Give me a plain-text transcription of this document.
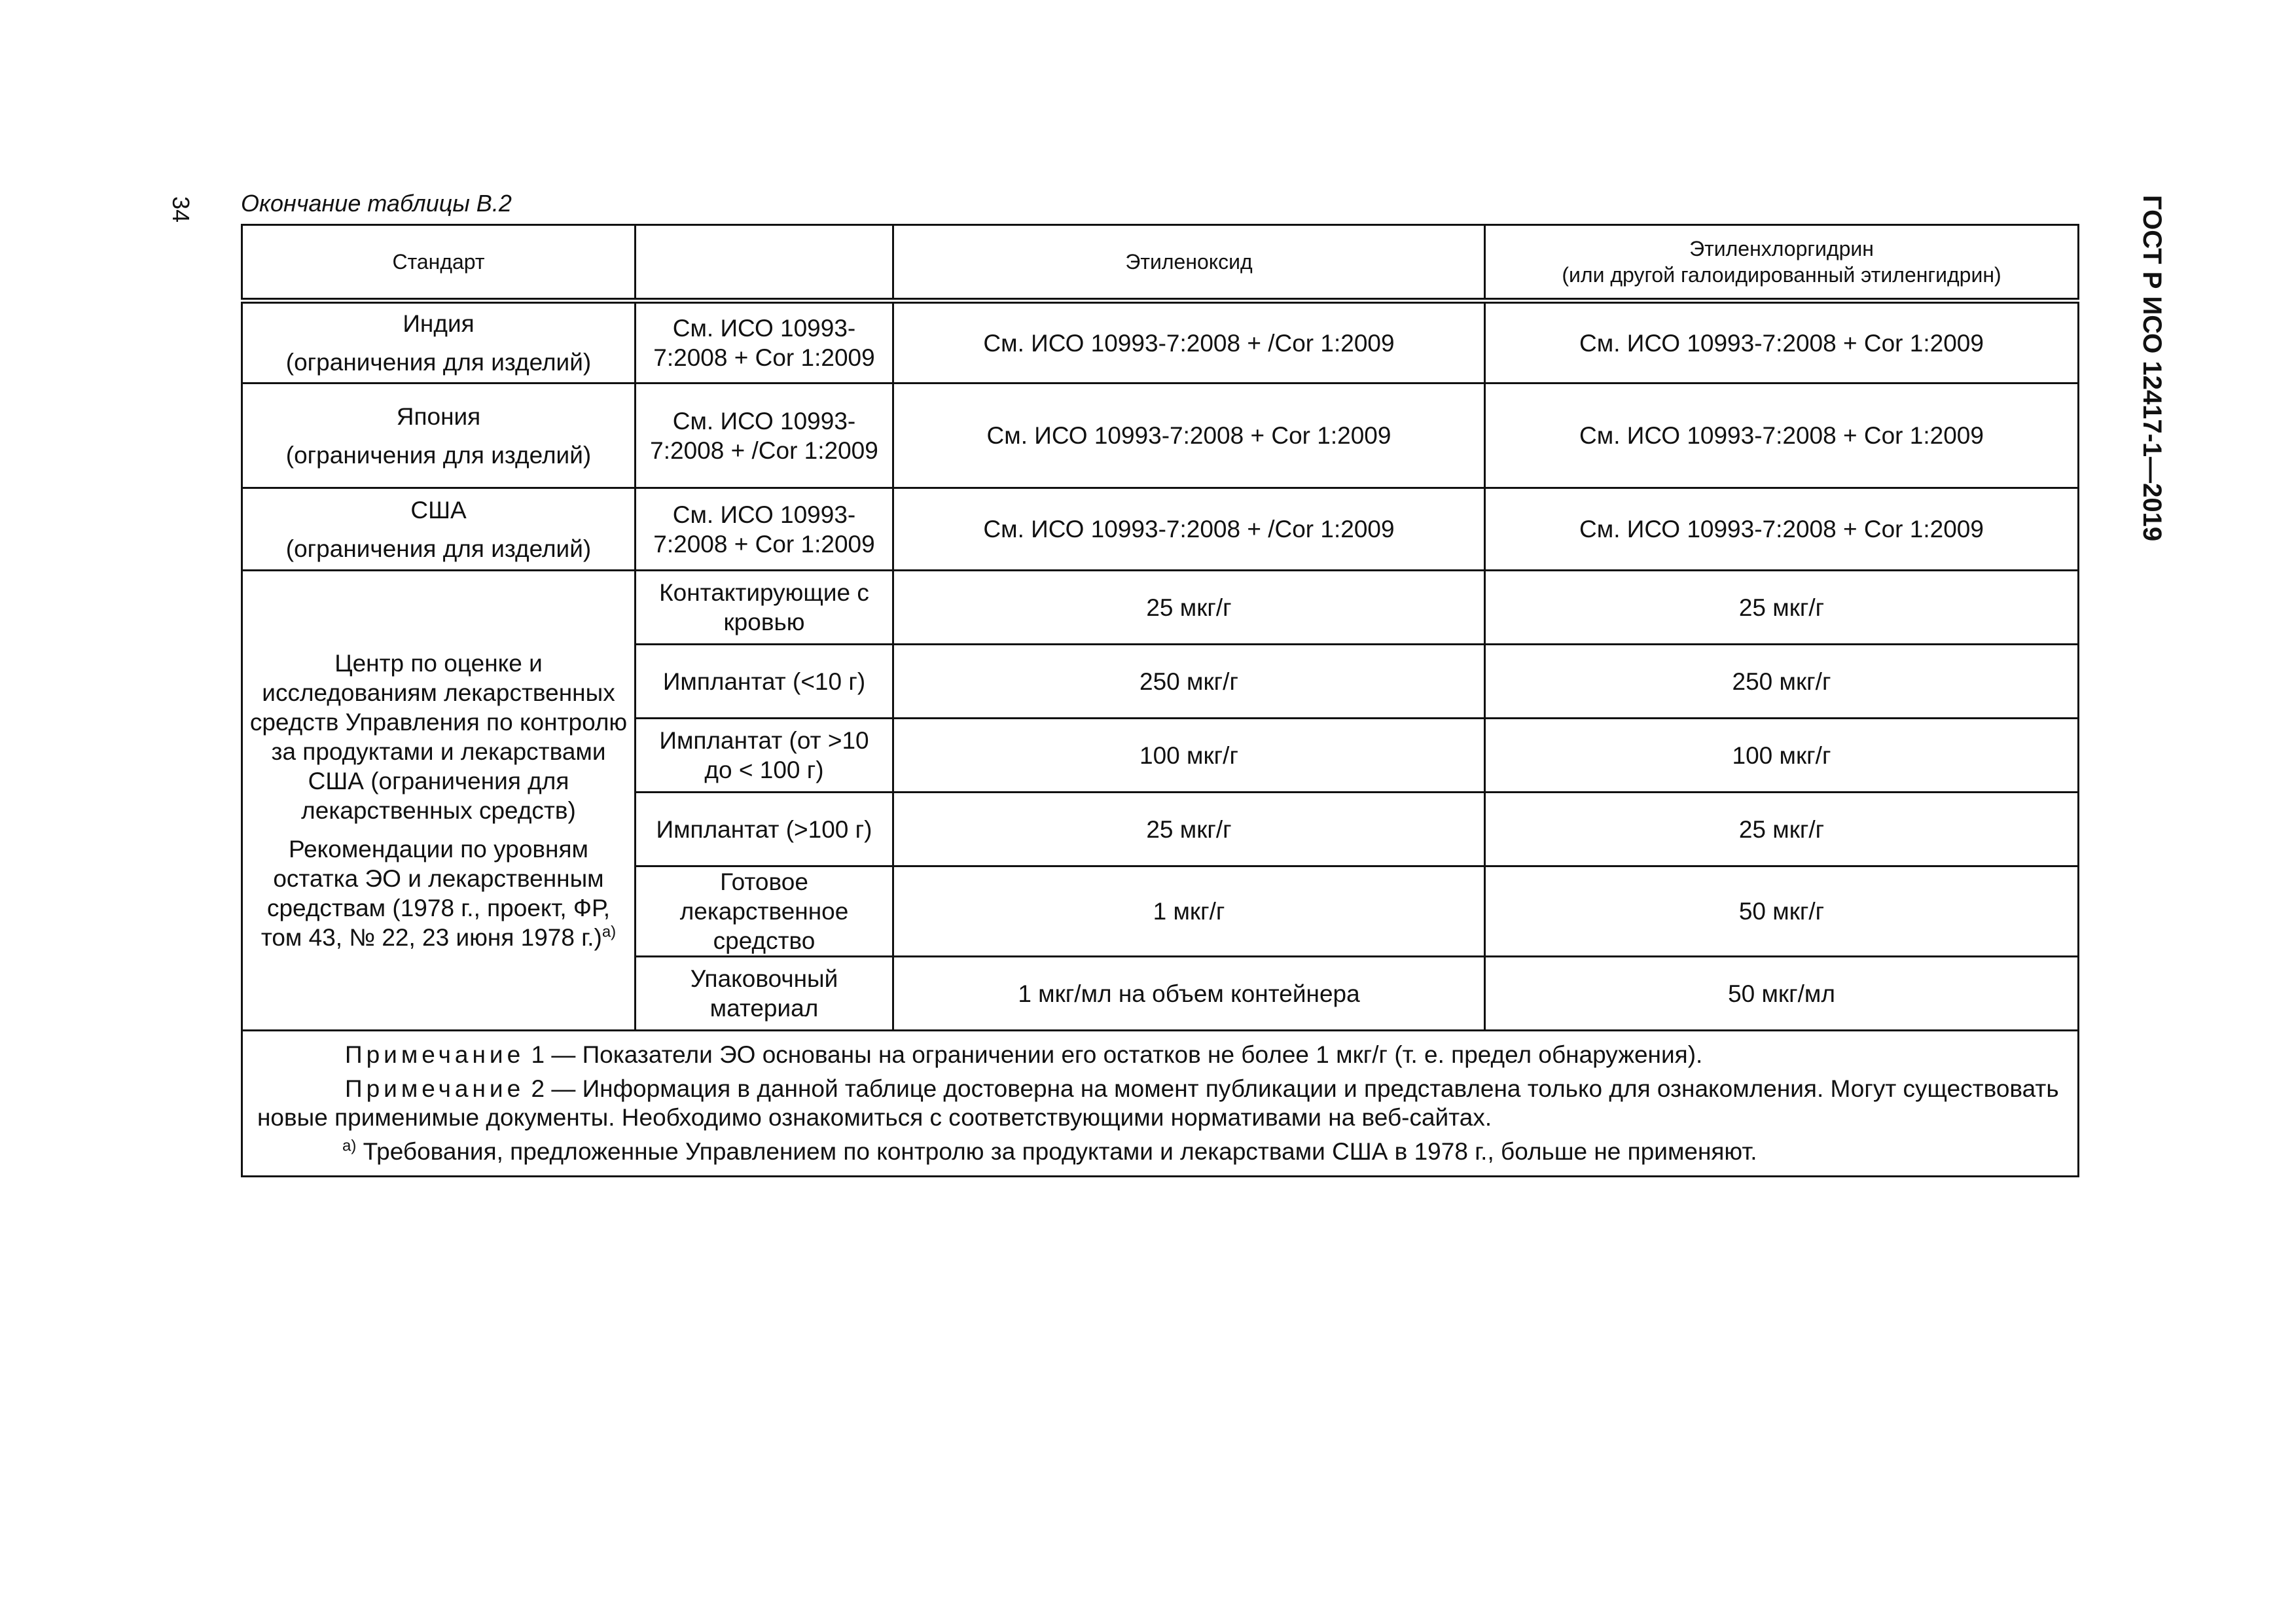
34	ГОСТ Р ИСО 12417-1—2019
Окончание таблицы В.2
Стандарт		Этиленоксид	Этиленхлоргидрин
(или другой галоидированный этиленгидрин)

Индия

(ограничения для изделий)	См. ИСО 10993-7:2008 + Cor 1:2009	См. ИСО 10993-7:2008 + /Cor 1:2009	См. ИСО 10993-7:2008 + Cor 1:2009

Япония

(ограничения для изделий)	См. ИСО 10993-7:2008 + /Cor 1:2009	См. ИСО 10993-7:2008 + Cor 1:2009	См. ИСО 10993-7:2008 + Cor 1:2009

США

(ограничения для изделий)	См. ИСО 10993-7:2008 + Cor 1:2009	См. ИСО 10993-7:2008 + /Cor 1:2009	См. ИСО 10993-7:2008 + Cor 1:2009

Центр по оценке и исследованиям лекарственных средств Управления по контролю за продуктами и лекарствами США (ограничения для лекарственных средств)

Рекомендации по уровням остатка ЭО и лекарственным средствам (1978 г., проект, ФР, том 43, № 22, 23 июня 1978 г.)$^{а)}$	Контактирующие с кровью	25 мкг/г	25 мкг/г
	Имплантат (<10 г)	250 мкг/г	250 мкг/г
	Имплантат (от >10 до < 100 г)	100 мкг/г	100 мкг/г
	Имплантат (>100 г)	25 мкг/г	25 мкг/г
	Готовое лекарственное средство	1 мкг/г	50 мкг/г
	Упаковочный материал	1 мкг/мл на объем контейнера	50 мкг/мл

Примечание 1 — Показатели ЭО основаны на ограничении его остатков не более 1 мкг/г (т. е. предел обнаружения).

Примечание 2 — Информация в данной таблице достоверна на момент публикации и представлена только для ознакомления. Могут существовать новые применимые документы. Необходимо ознакомиться с соответствующими нормативами на веб-сайтах.

$^{а)}$ Требования, предложенные Управлением по контролю за продуктами и лекарствами США в 1978 г., больше не применяют.			
